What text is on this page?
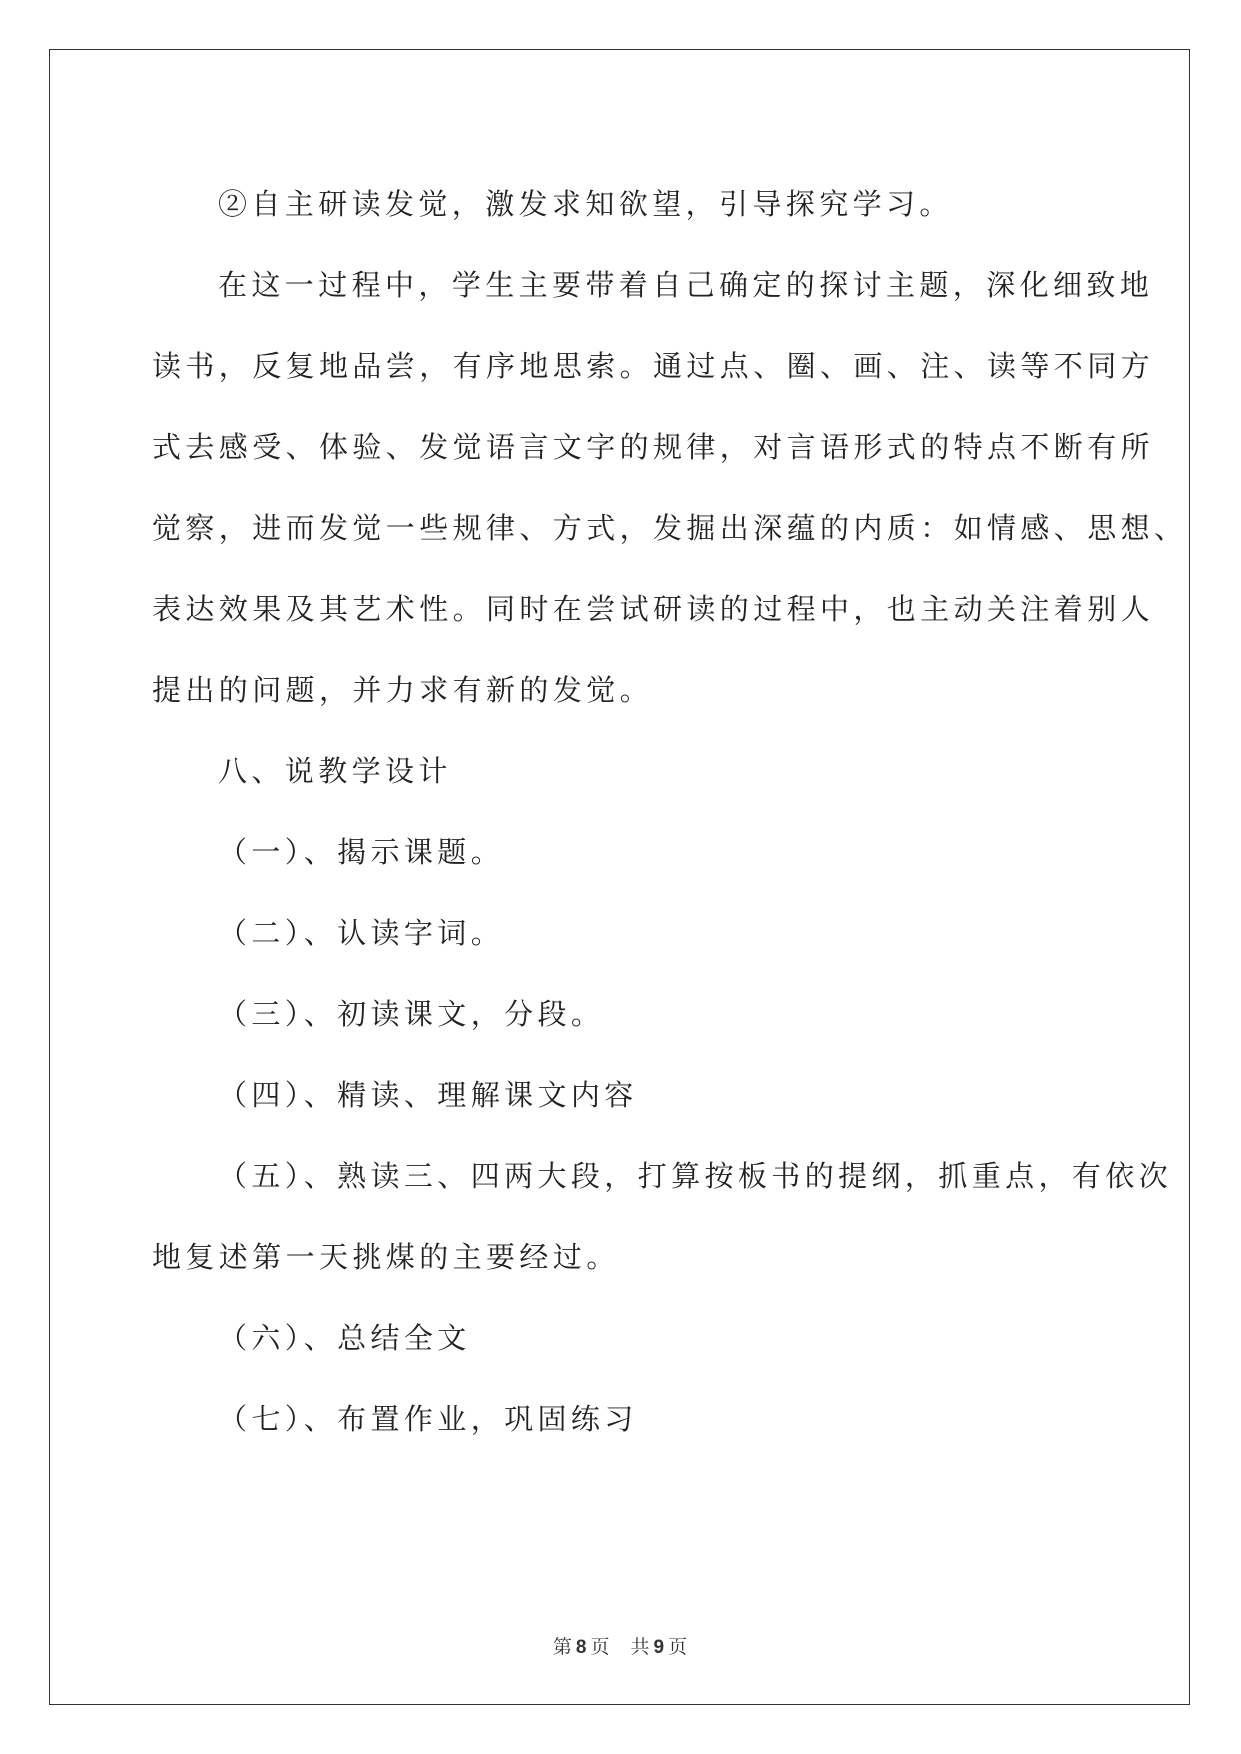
②自主研读发觉，激发求知欲望，引导探究学习。

在这一过程中，学生主要带着自己确定的探讨主题，深化细致地

读书，反复地品尝，有序地思索。通过点、圈、画、注、读等不同方

式去感受、体验、发觉语言文字的规律，对言语形式的特点不断有所

觉察，进而发觉一些规律、方式，发掘出深蕴的内质：如情感、思想、

表达效果及其艺术性。同时在尝试研读的过程中，也主动关注着别人

提出的问题，并力求有新的发觉。

八、说教学设计

（一）、揭示课题。

（二）、认读字词。

（三）、初读课文，分段。

（四）、精读、理解课文内容

（五）、熟读三、四两大段，打算按板书的提纲，抓重点，有依次

地复述第一天挑煤的主要经过。

（六）、总结全文

（七）、布置作业，巩固练习

第 8 页 共 9 页
